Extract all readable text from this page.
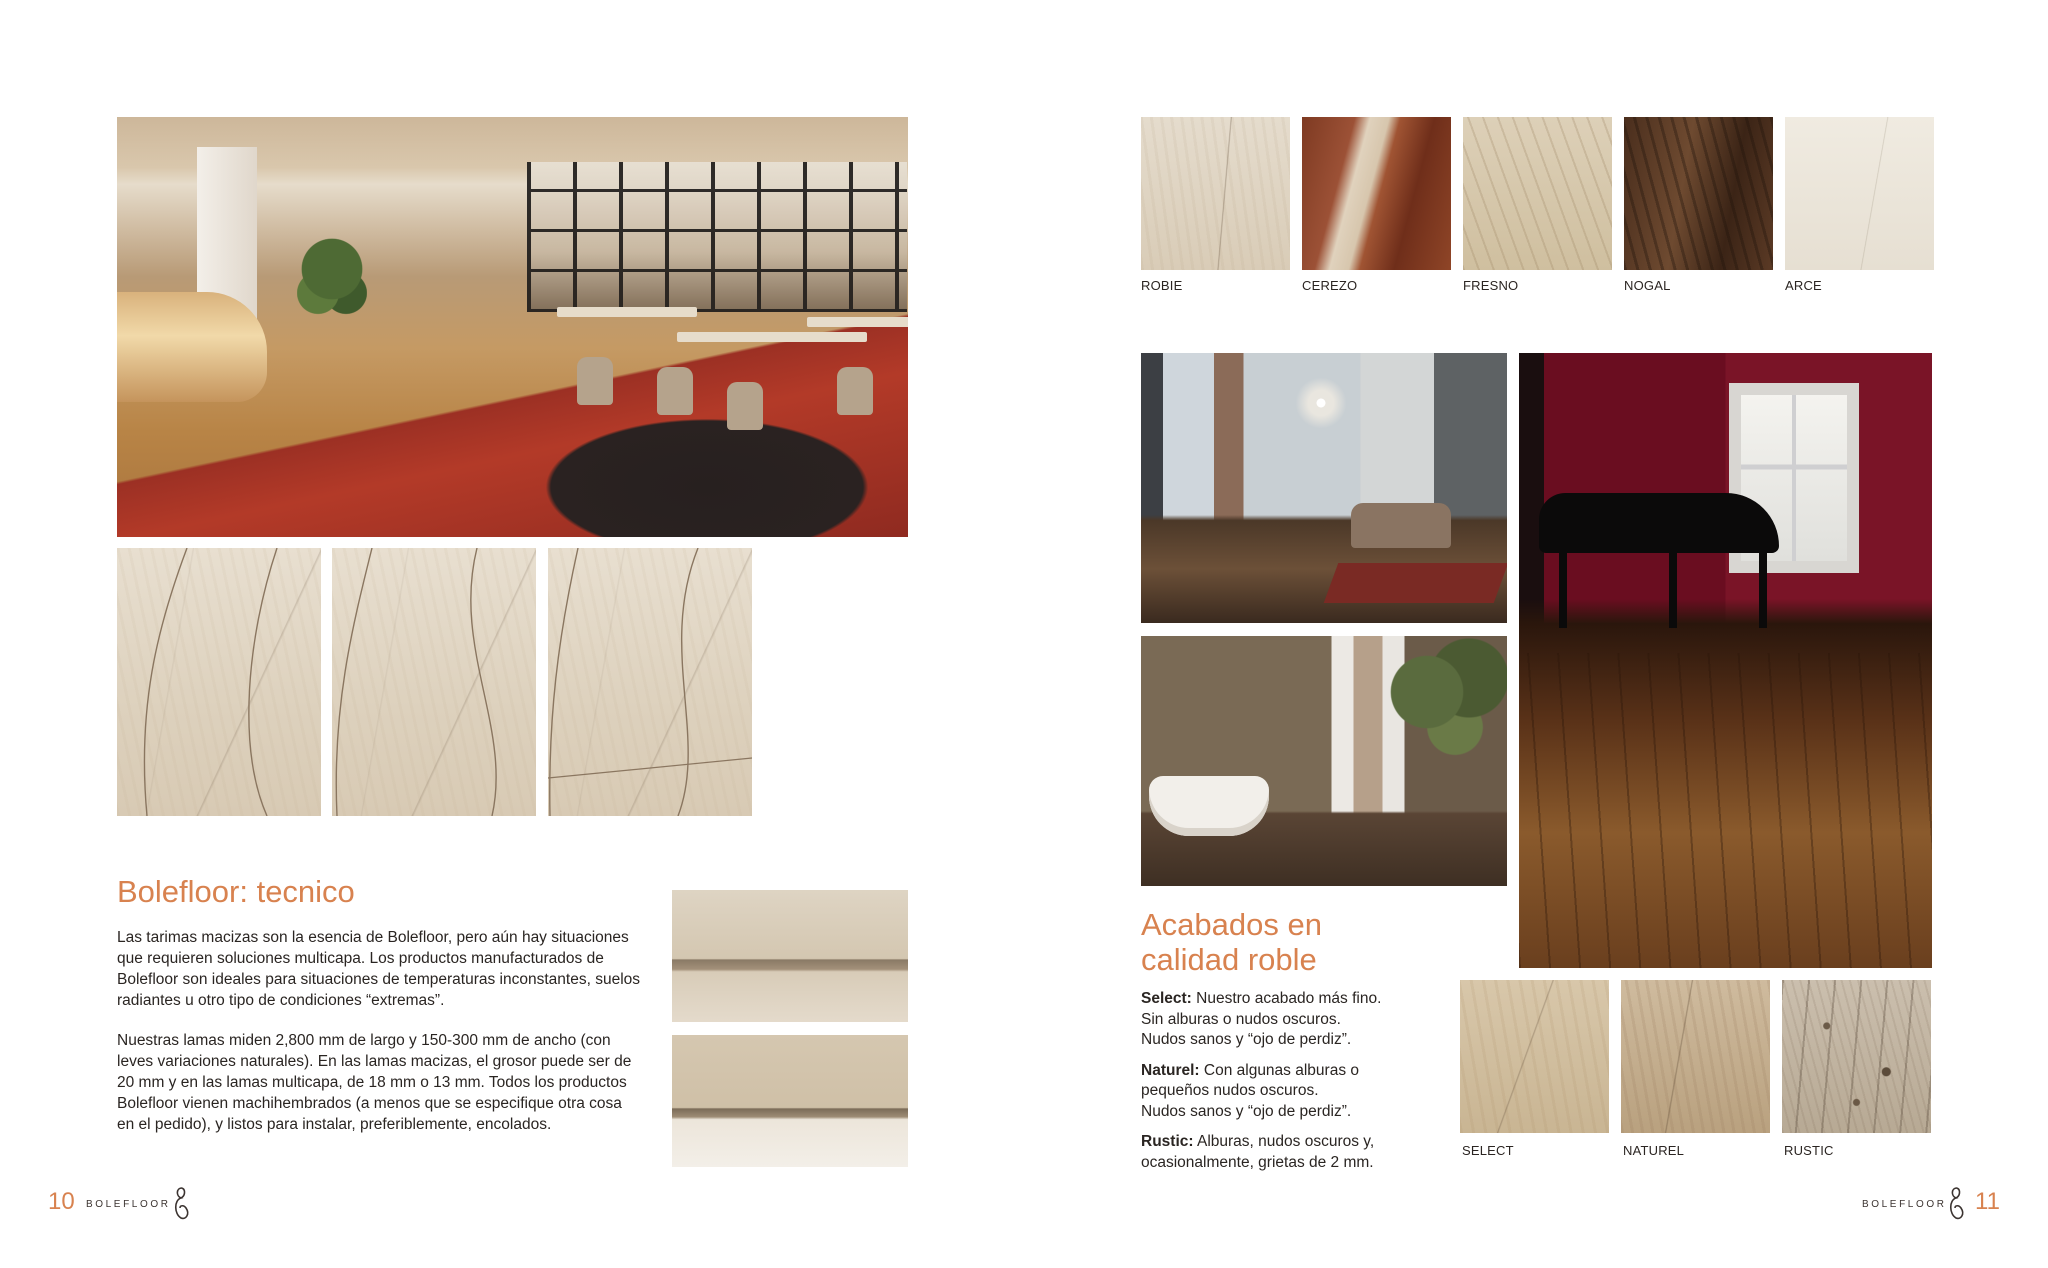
Bolefloor: tecnico
Las tarimas macizas son la esencia de Bolefloor, pero aún hay situaciones que requieren soluciones multicapa. Los productos manufacturados de Bolefloor son ideales para situaciones de temperaturas inconstantes, suelos radiantes u otro tipo de condiciones “extremas”.
Nuestras lamas miden 2,800 mm de largo y 150-300 mm de ancho (con leves variaciones naturales). En las lamas macizas, el grosor puede ser de 20 mm y en las lamas multicapa, de 18 mm o 13 mm. Todos los productos Bolefloor vienen machihembrados (a menos que se especifique otra cosa en el pedido), y listos para instalar, preferiblemente, encolados.
10 BOLEFLOOR
ROBIE	CEREZO	FRESNO	NOGAL	ARCE
Acabados en
calidad roble
Select: Nuestro acabado más fino.
Sin alburas o nudos oscuros.
Nudos sanos y “ojo de perdiz”.
Naturel: Con algunas alburas o
pequeños nudos oscuros.
Nudos sanos y “ojo de perdiz”.
Rustic: Alburas, nudos oscuros y,
ocasionalmente, grietas de 2 mm.
SELECT	NATUREL	RUSTIC
BOLEFLOOR 11
